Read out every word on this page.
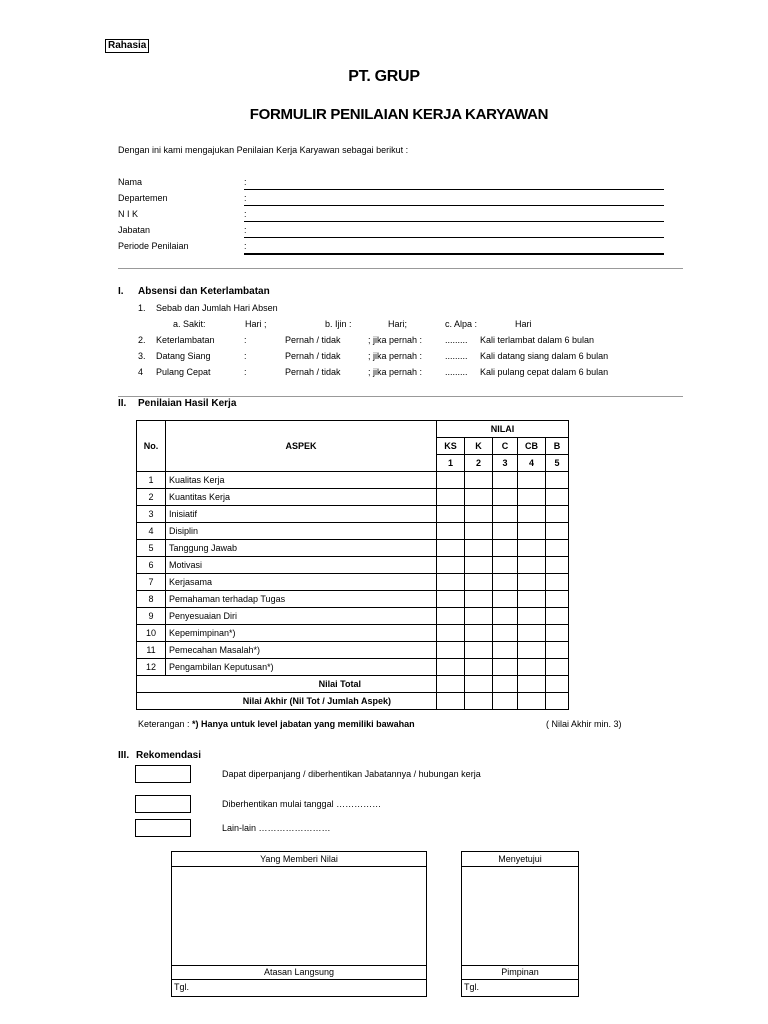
Rahasia
PT. GRUP
FORMULIR PENILAIAN KERJA KARYAWAN
Dengan ini kami mengajukan Penilaian Kerja Karyawan sebagai berikut :
Nama	:
Departemen	:
N I K	:
Jabatan	:
Periode Penilaian	:
I. Absensi dan Keterlambatan
1. Sebab dan Jumlah Hari Absen
a. Sakit:	Hari ;	b. Ijin :	Hari;	c. Alpa :	Hari
2. Keterlambatan	:	Pernah / tidak	; jika pernah :	......... Kali terlambat dalam 6 bulan
3. Datang Siang	:	Pernah / tidak	; jika pernah :	......... Kali datang siang dalam 6 bulan
4 Pulang Cepat	:	Pernah / tidak	; jika pernah :	......... Kali pulang cepat dalam 6 bulan
II. Penilaian Hasil Kerja
No.	ASPEK	NILAI				
		KS	K	C	CB	B
		1	2	3	4	5
1	Kualitas Kerja					
2	Kuantitas Kerja					
3	Inisiatif					
4	Disiplin					
5	Tanggung Jawab					
6	Motivasi					
7	Kerjasama					
8	Pemahaman terhadap Tugas					
9	Penyesuaian Diri					
10	Kepemimpinan*)					
11	Pemecahan Masalah*)					
12	Pengambilan Keputusan*)					
Nilai Total						
Nilai Akhir (Nil Tot / Jumlah Aspek)						
Keterangan : *) Hanya untuk level jabatan yang memiliki bawahan	( Nilai Akhir min. 3)
III. Rekomendasi
Dapat diperpanjang / diberhentikan Jabatannya / hubungan kerja
Diberhentikan mulai tanggal ……………
Lain-lain ……………………
Yang Memberi Nilai
Atasan Langsung
Tgl.
Menyetujui
Pimpinan
Tgl.
